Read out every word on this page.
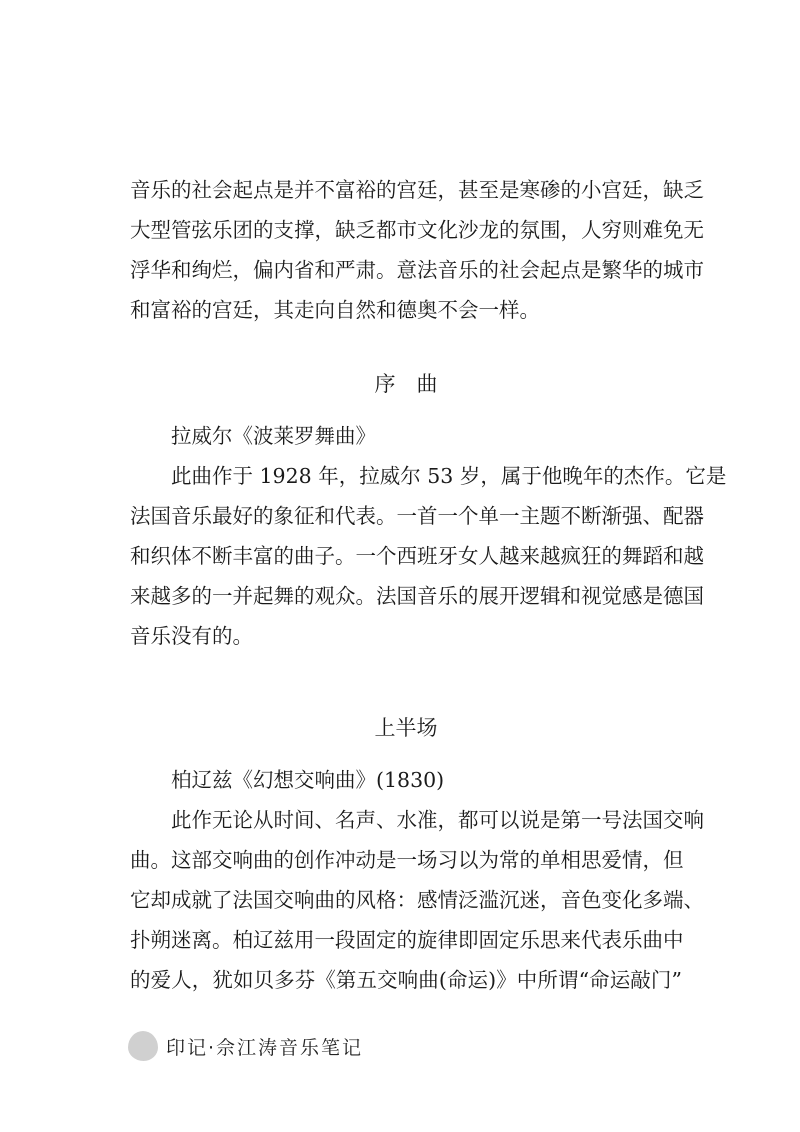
音乐的社会起点是并不富裕的宫廷，甚至是寒碜的小宫廷，缺乏
大型管弦乐团的支撑，缺乏都市文化沙龙的氛围，人穷则难免无
浮华和绚烂，偏内省和严肃。意法音乐的社会起点是繁华的城市
和富裕的宫廷，其走向自然和德奥不会一样。

序　曲

拉威尔《波莱罗舞曲》

此曲作于 1928 年，拉威尔 53 岁，属于他晚年的杰作。它是
法国音乐最好的象征和代表。一首一个单一主题不断渐强、配器
和织体不断丰富的曲子。一个西班牙女人越来越疯狂的舞蹈和越
来越多的一并起舞的观众。法国音乐的展开逻辑和视觉感是德国
音乐没有的。

上半场

柏辽兹《幻想交响曲》(1830)

此作无论从时间、名声、水准，都可以说是第一号法国交响
曲。这部交响曲的创作冲动是一场习以为常的单相思爱情，但
它却成就了法国交响曲的风格：感情泛滥沉迷，音色变化多端、
扑朔迷离。柏辽兹用一段固定的旋律即固定乐思来代表乐曲中
的爱人，犹如贝多芬《第五交响曲(命运)》中所谓“命运敲门”

印记·佘江涛音乐笔记
